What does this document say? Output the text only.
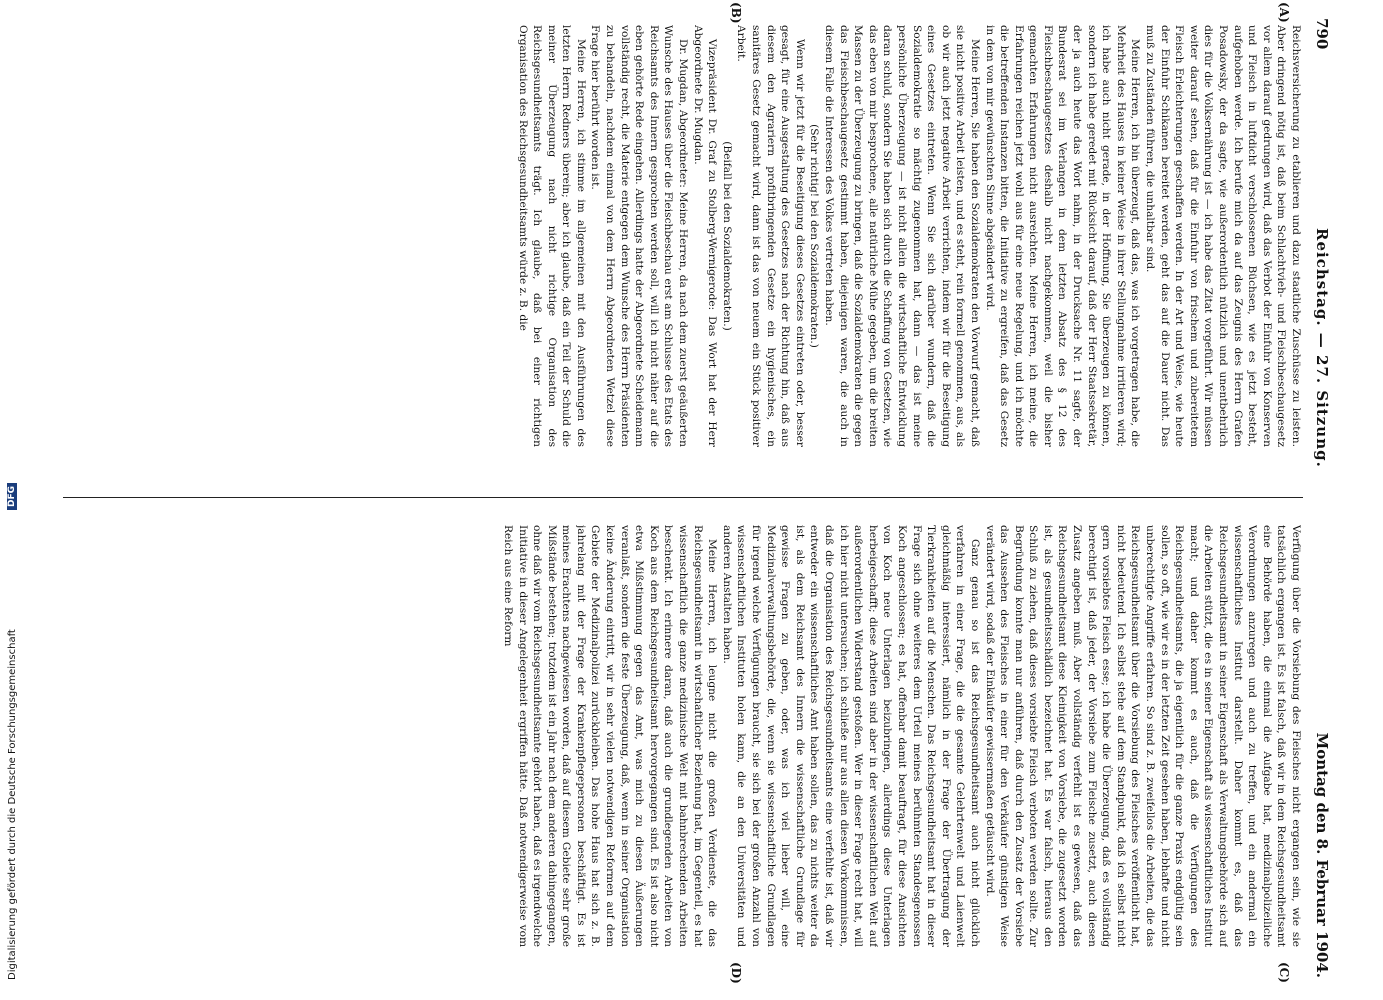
790
Reichstag. — 27. Sitzung.
Montag den 8. Februar 1904.
(A)
(B)
(C)
(D)

Reichsversicherung zu etablieren und dazu staatliche Zuschüsse zu leisten. Aber dringend nötig ist, daß beim Schlachtvieh- und Fleischbeschaugesetz vor allem darauf gedrungen wird, daß das Verbot der Einfuhr von Konserven und Fleisch in luftdicht verschlossenen Büchsen, wie es jetzt besteht, aufgehoben werde. Ich berufe mich da auf das Zeugnis des Herrn Grafen Posadowsky, der da sagte, wie außerordentlich nützlich und unentbehrlich dies für die Volksernährung ist — ich habe das Zitat vorgeführt. Wir müssen weiter darauf sehen, daß für die Einfuhr von frischem und zubereitetem Fleisch Erleichterungen geschaffen werden. In der Art und Weise, wie heute der Einfuhr Schikanen bereitet werden, geht das auf die Dauer nicht. Das muß zu Zuständen führen, die unhaltbar sind.

Meine Herren, ich bin überzeugt, daß das, was ich vorgetragen habe, die Mehrheit des Hauses in keiner Weise in ihrer Stellungnahme irritieren wird; ich habe auch nicht gerade, in der Hoffnung, Sie überzeugen zu können, sondern ich habe geredet mit Rücksicht darauf, daß der Herr Staatssekretär, der ja auch heute das Wort nahm, in der Drucksache Nr. 11 sagte, der Bundesrat sei im Verlangen in dem letzten Absatz des § 12 des Fleischbeschaugesetzes deshalb nicht nachgekommen, weil die bisher gemachten Erfahrungen nicht ausreichten. Meine Herren, ich meine, die Erfahrungen reichen jetzt wohl aus für eine neue Regelung, und ich möchte die betreffenden Instanzen bitten, die Initiative zu ergreifen, daß das Gesetz in dem von mir gewünschten Sinne abgeändert wird.

Meine Herren, Sie haben den Sozialdemokraten den Vorwurf gemacht, daß sie nicht positive Arbeit leisten, und es steht, rein formell genommen, aus, als ob wir auch jetzt negative Arbeit verrichten, indem wir für die Beseitigung eines Gesetzes eintreten. Wenn Sie sich darüber wundern, daß die Sozialdemokratie so mächtig zugenommen hat, dann — das ist meine persönliche Überzeugung — ist nicht allein die wirtschaftliche Entwicklung daran schuld, sondern Sie haben sich durch die Schaffung von Gesetzen, wie das eben von mir besprochene, alle natürliche Mühe gegeben, um die breiten Massen zu der Überzeugung zu bringen, daß die Sozialdemokraten die gegen das Fleischbeschaugesetz gestimmt haben, diejenigen waren, die auch in diesem Falle die Interessen des Volkes vertreten haben.

(Sehr richtig! bei den Sozialdemokraten.)

Wenn wir jetzt für die Beseitigung dieses Gesetzes eintreten oder, besser gesagt, für eine Ausgestaltung des Gesetzes nach der Richtung hin, daß aus diesem den Agrariern profitbringenden Gesetze ein hygienisches, ein sanitäres Gesetz gemacht wird, dann ist das von neuem ein Stück positiver Arbeit.

(Beifall bei den Sozialdemokraten.)

Vizepräsident Dr. Graf zu Stolberg-Wernigerode: Das Wort hat der Herr Abgeordnete Dr. Mugdan.

Dr. Mugdan, Abgeordneter: Meine Herren, da nach dem zuerst geäußerten Wunsche des Hauses über die Fleischbeschau erst am Schlusse des Etats des Reichsamts des Innern gesprochen werden soll, will ich nicht näher auf die eben gehörte Rede eingehen. Allerdings hatte der Abgeordnete Scheidemann vollständig recht, die Materie entgegen dem Wunsche des Herrn Präsidenten zu behandeln, nachdem einmal von dem Herrn Abgeordneten Wetzel diese Frage hier berührt worden ist.

Meine Herren, ich stimme im allgemeinen mit den Ausführungen des letzten Herrn Redners überein; aber ich glaube, daß ein Teil der Schuld die meiner Überzeugung nach nicht richtige Organisation des Reichsgesundheitsamts trägt. Ich glaube, daß bei einer richtigen Organisation des Reichsgesundheitsamts würde z. B. die

Verfügung über die Vorsiebung des Fleisches nicht ergangen sein, wie sie tatsächlich ergangen ist. Es ist falsch, daß wir in dem Reichsgesundheitsamt eine Behörde haben, die einmal die Aufgabe hat, medizinalpolizeiliche Verordnungen anzuregen und auch zu treffen, und ein andermal ein wissenschaftliches Institut darstellt. Daher kommt es, daß das Reichsgesundheitsamt in seiner Eigenschaft als Verwaltungsbehörde sich auf die Arbeiten stützt, die es in seiner Eigenschaft als wissenschaftliches Institut macht; und daher kommt es auch, daß die Verfügungen des Reichsgesundheitsamts, die ja eigentlich für die ganze Praxis endgültig sein sollen, so oft, wie wir es in der letzten Zeit gesehen haben, lebhafte und nicht unberechtigte Angriffe erfahren. So sind z. B. zweifellos die Arbeiten, die das Reichsgesundheitsamt über die Vorsiebung des Fleisches veröffentlicht hat, nicht bedeutend. Ich selbst stehe auf dem Standpunkt, daß ich selbst nicht gern vorsiebtes Fleisch esse; ich habe die Überzeugung, daß es vollständig berechtigt ist, daß jeder, der Vorsiebe zum Fleische zusetzt, auch diesen Zusatz angeben muß. Aber vollständig verfehlt ist es gewesen, daß das Reichsgesundheitsamt diese Kleinigkeit von Vorsiebe, die zugesetzt worden ist, als gesundheitsschädlich bezeichnet hat. Es war falsch, hieraus den Schluß zu ziehen, daß dieses vorsiebte Fleisch verboten werden sollte. Zur Begründung konnte man nur anführen, daß durch den Zusatz der Vorsiebe das Aussehen des Fleisches in einer für den Verkäufer günstigen Weise verändert wird, sodaß der Einkäufer gewissermaßen getäuscht wird.

Ganz genau so ist das Reichsgesundheitsamt auch nicht glücklich verfahren in einer Frage, die die gesamte Gelehrtenwelt und Laienwelt gleichmäßig interessiert, nämlich in der Frage der Übertragung der Tierkrankheiten auf die Menschen. Das Reichsgesundheitsamt hat in dieser Frage sich ohne weiteres dem Urteil meines berühmten Standesgenossen Koch angeschlossen; es hat, offenbar damit beauftragt, für diese Ansichten von Koch neue Unterlagen beizubringen, allerdings diese Unterlagen herbeigeschafft; diese Arbeiten sind aber in der wissenschaftlichen Welt auf außerordentlichen Widerstand gestoßen. Wer in dieser Frage recht hat, will ich hier nicht untersuchen; ich schließe nur aus allen diesen Vorkommnissen, daß die Organisation des Reichsgesundheitsamts eine verfehlte ist, daß wir entweder ein wissenschaftliches Amt haben sollen, das zu nichts weiter da ist, als dem Reichsamt des Innern die wissenschaftliche Grundlage für gewisse Fragen zu geben, oder, was ich viel lieber will, eine Medizinalverwaltungsbehörde, die, wenn sie wissenschaftliche Grundlagen für irgend welche Verfügungen braucht, sie sich bei der großen Anzahl von wissenschaftlichen Instituten holen kann, die an den Universitäten und anderen Anstalten haben.

Meine Herren, ich leugne nicht die großen Verdienste, die das Reichsgesundheitsamt in wirtschaftlicher Beziehung hat, im Gegenteil, es hat wissenschaftlich die ganze medizinische Welt mit bahnbrechenden Arbeiten beschenkt. Ich erinnere daran, daß auch die grundlegenden Arbeiten von Koch aus dem Reichsgesundheitsamt hervorgegangen sind. Es ist also nicht etwa Mißstimmung gegen das Amt, was mich zu diesen Äußerungen veranlaßt, sondern die feste Überzeugung, daß, wenn in seiner Organisation keine Änderung eintritt, wir in sehr vielen notwendigen Reformen auf dem Gebiete der Medizinalpolizei zurückbleiben. Das hohe Haus hat sich z. B. jahrelang mit der Frage der Krankenpflegepersonen beschäftigt. Es ist meines Erachtens nachgewiesen worden, daß auf diesem Gebiete sehr große Mißstände bestehen; trotzdem ist ein Jahr nach dem anderen dahingegangen, ohne daß wir vom Reichsgesundheitsamte gehört haben, daß es irgendwelche Initiative in dieser Angelegenheit ergriffen hätte. Daß notwendigerweise vom Reich aus eine Reform

Digitalisierung gefördert durch die Deutsche Forschungsgemeinschaft
DFG
